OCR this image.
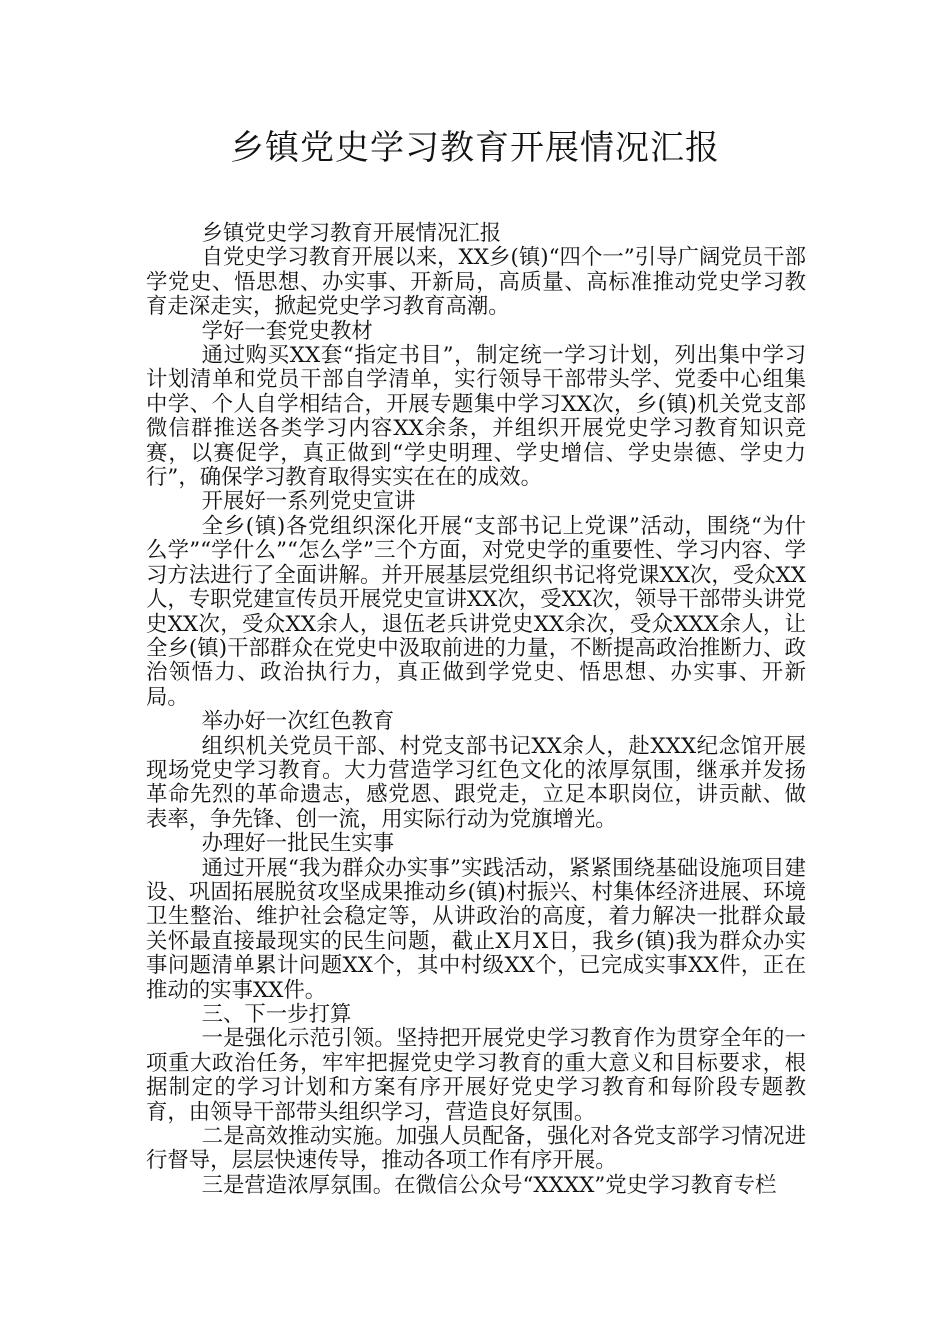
乡镇党史学习教育开展情况汇报

乡镇党史学习教育开展情况汇报

自党史学习教育开展以来，XX乡(镇)“四个一”引导广阔党员干部学党史、悟思想、办实事、开新局，高质量、高标准推动党史学习教育走深走实，掀起党史学习教育高潮。

学好一套党史教材

通过购买XX套“指定书目”，制定统一学习计划，列出集中学习计划清单和党员干部自学清单，实行领导干部带头学、党委中心组集中学、个人自学相结合，开展专题集中学习XX次，乡(镇)机关党支部微信群推送各类学习内容XX余条，并组织开展党史学习教育知识竞赛，以赛促学，真正做到“学史明理、学史增信、学史崇德、学史力行”，确保学习教育取得实实在在的成效。

开展好一系列党史宣讲

全乡(镇)各党组织深化开展“支部书记上党课”活动，围绕“为什么学”“学什么”“怎么学”三个方面，对党史学的重要性、学习内容、学习方法进行了全面讲解。并开展基层党组织书记将党课XX次，受众XX人，专职党建宣传员开展党史宣讲XX次，受XX次，领导干部带头讲党史XX次，受众XX余人，退伍老兵讲党史XX余次，受众XXX余人，让全乡(镇)干部群众在党史中汲取前进的力量，不断提高政治推断力、政治领悟力、政治执行力，真正做到学党史、悟思想、办实事、开新局。

举办好一次红色教育

组织机关党员干部、村党支部书记XX余人，赴XXX纪念馆开展现场党史学习教育。大力营造学习红色文化的浓厚氛围，继承并发扬革命先烈的革命遗志，感党恩、跟党走，立足本职岗位，讲贡献、做表率，争先锋、创一流，用实际行动为党旗增光。

办理好一批民生实事

通过开展“我为群众办实事”实践活动，紧紧围绕基础设施项目建设、巩固拓展脱贫攻坚成果推动乡(镇)村振兴、村集体经济进展、环境卫生整治、维护社会稳定等，从讲政治的高度，着力解决一批群众最关怀最直接最现实的民生问题，截止X月X日，我乡(镇)我为群众办实事问题清单累计问题XX个，其中村级XX个，已完成实事XX件，正在推动的实事XX件。

三、下一步打算

一是强化示范引领。坚持把开展党史学习教育作为贯穿全年的一项重大政治任务，牢牢把握党史学习教育的重大意义和目标要求，根据制定的学习计划和方案有序开展好党史学习教育和每阶段专题教育，由领导干部带头组织学习，营造良好氛围。

二是高效推动实施。加强人员配备，强化对各党支部学习情况进行督导，层层快速传导，推动各项工作有序开展。

三是营造浓厚氛围。在微信公众号“XXXX”党史学习教育专栏
